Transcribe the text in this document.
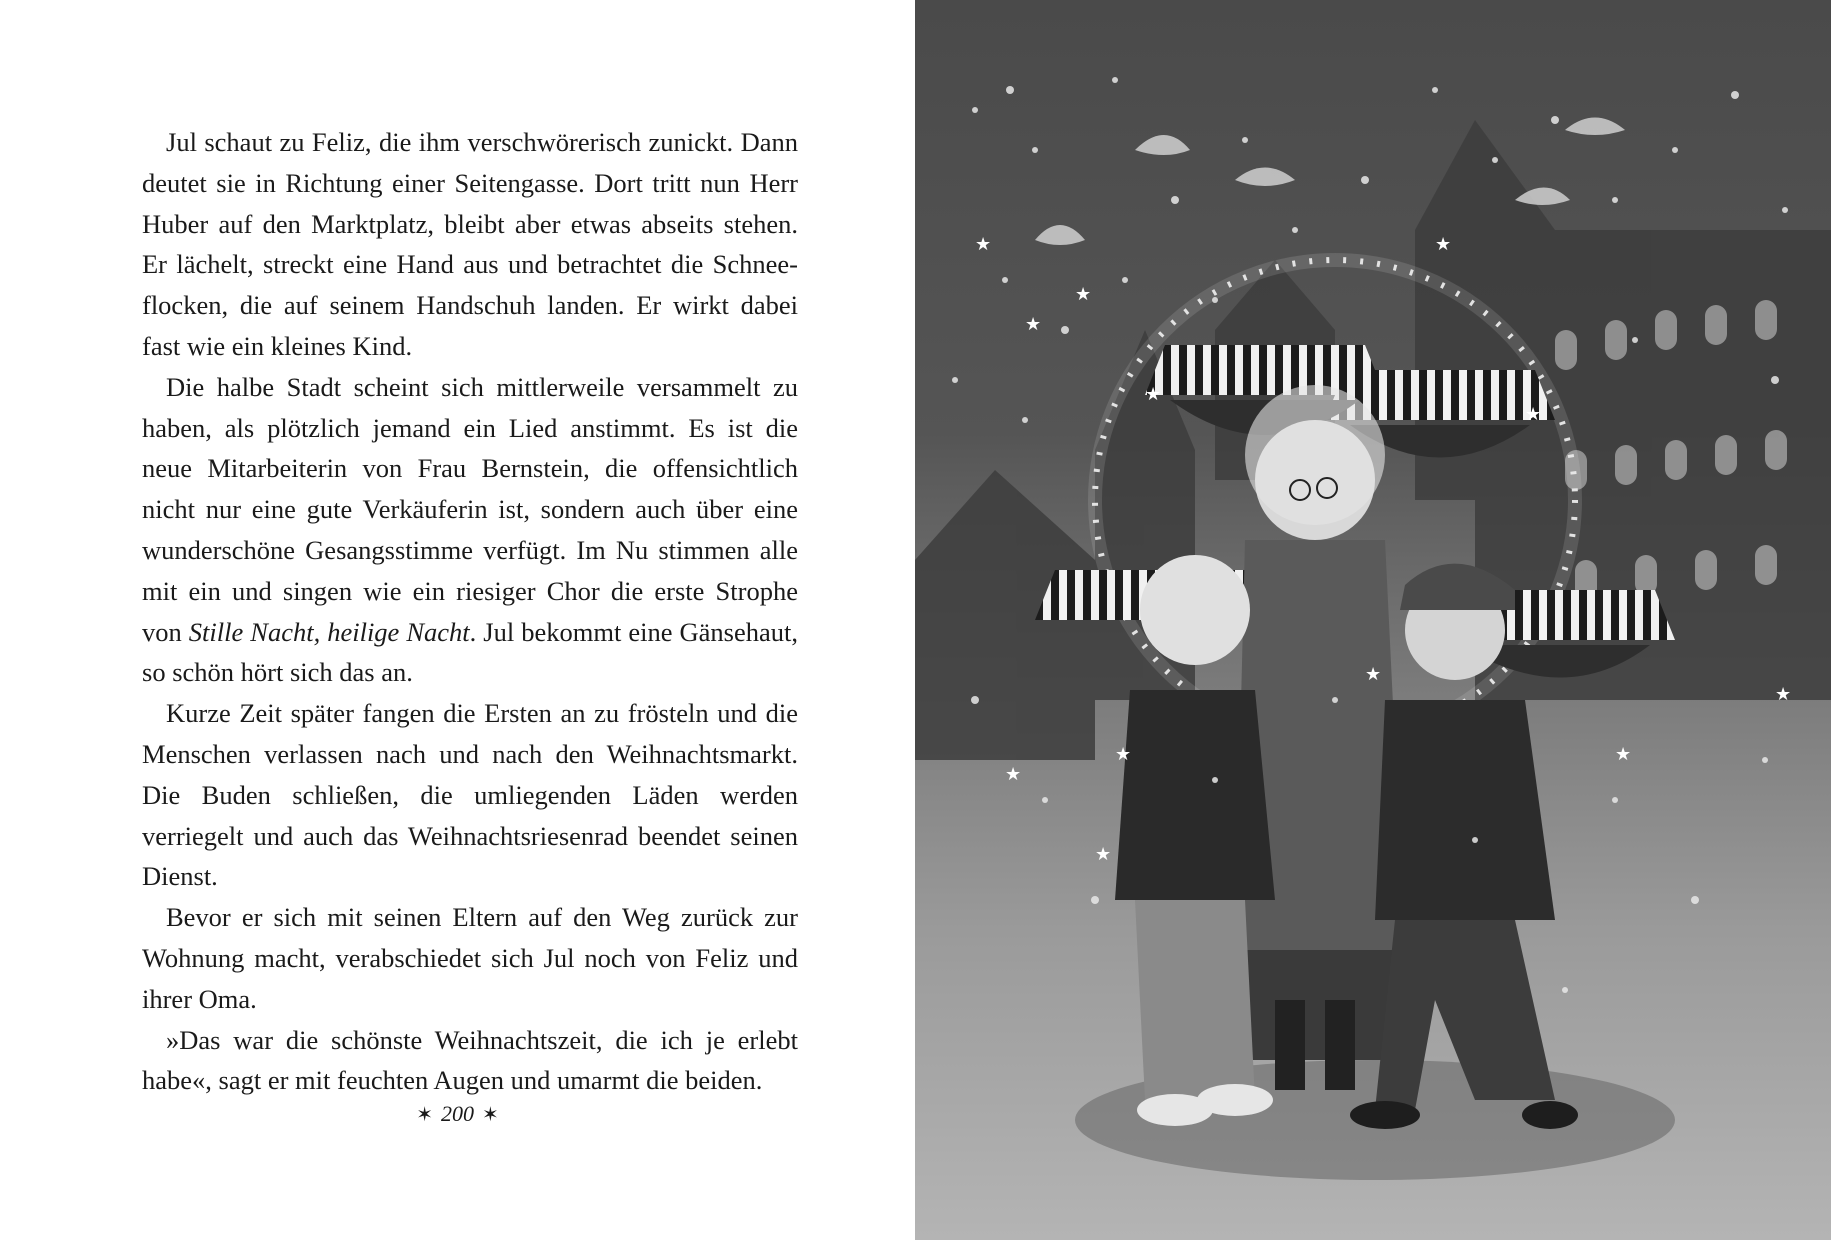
Jul schaut zu Feliz, die ihm verschwörerisch zunickt. Dann deutet sie in Richtung einer Seitengasse. Dort tritt nun Herr Huber auf den Marktplatz, bleibt aber etwas abseits stehen. Er lächelt, streckt eine Hand aus und betrachtet die Schneeflocken, die auf seinem Handschuh landen. Er wirkt dabei fast wie ein kleines Kind.

Die halbe Stadt scheint sich mittlerweile versammelt zu haben, als plötzlich jemand ein Lied anstimmt. Es ist die neue Mitarbeiterin von Frau Bernstein, die offensichtlich nicht nur eine gute Verkäuferin ist, sondern auch über eine wunderschöne Gesangsstimme verfügt. Im Nu stimmen alle mit ein und singen wie ein riesiger Chor die erste Strophe von Stille Nacht, heilige Nacht. Jul bekommt eine Gänsehaut, so schön hört sich das an.

Kurze Zeit später fangen die Ersten an zu frösteln und die Menschen verlassen nach und nach den Weihnachtsmarkt. Die Buden schließen, die umliegenden Läden werden verriegelt und auch das Weihnachtsriesenrad beendet seinen Dienst.

Bevor er sich mit seinen Eltern auf den Weg zurück zur Wohnung macht, verabschiedet sich Jul noch von Feliz und ihrer Oma.

»Das war die schönste Weihnachtszeit, die ich je erlebt habe«, sagt er mit feuchten Augen und umarmt die beiden.

✶ 200 ✶
★
★
★
★
★
★
★
★
★
★
★
★
